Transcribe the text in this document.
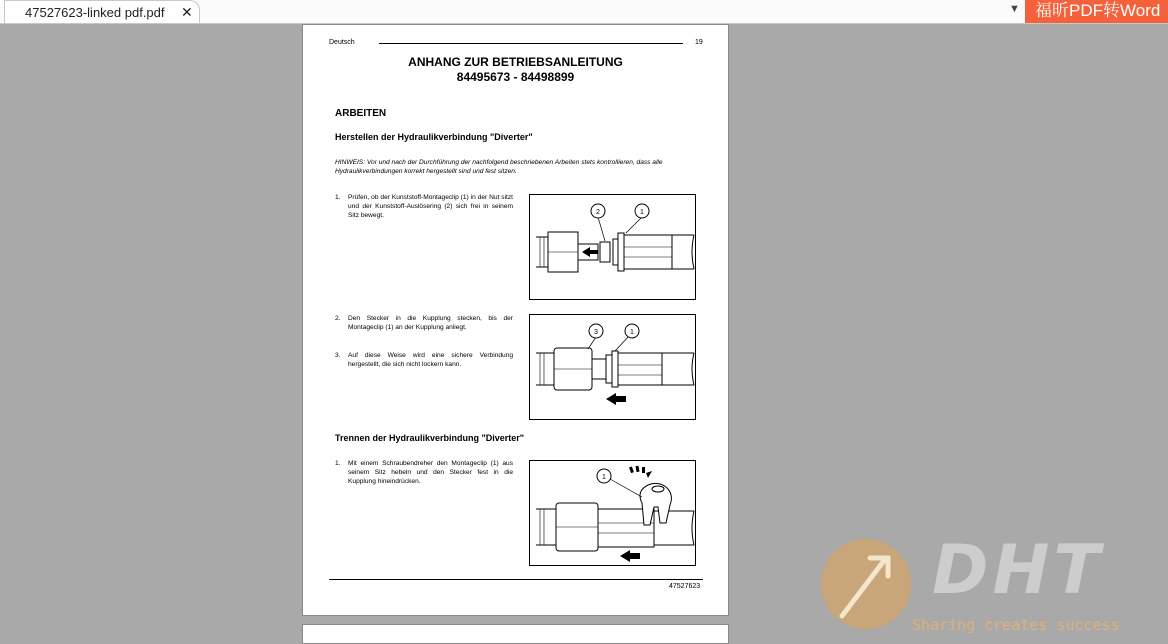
47527623-linked pdf.pdf ✕	▼ 福昕PDF转Word
Deutsch	19
ANHANG ZUR BETRIEBSANLEITUNG
84495673 - 84498899
ARBEITEN
Herstellen der Hydraulikverbindung "Diverter"
HINWEIS: Vor und nach der Durchführung der nachfolgend beschriebenen Arbeiten stets kontrollieren, dass alle Hydraulikverbindungen korrekt hergestellt sind und fest sitzen.
1. Prüfen, ob der Kunststoff-Montageclip (1) in der Nut sitzt und der Kunststoff-Auslösering (2) sich frei in seinem Sitz bewegt.
2. Den Stecker in die Kupplung stecken, bis der Montageclip (1) an der Kupplung anliegt.
3. Auf diese Weise wird eine sichere Verbindung hergestellt, die sich nicht lockern kann.
2	1
3	1
Trennen der Hydraulikverbindung "Diverter"
1. Mit einem Schraubendreher den Montageclip (1) aus seinem Sitz hebeln und den Stecker fest in die Kupplung hineindrücken.
1
47527623	DHT
Sharing creates success
